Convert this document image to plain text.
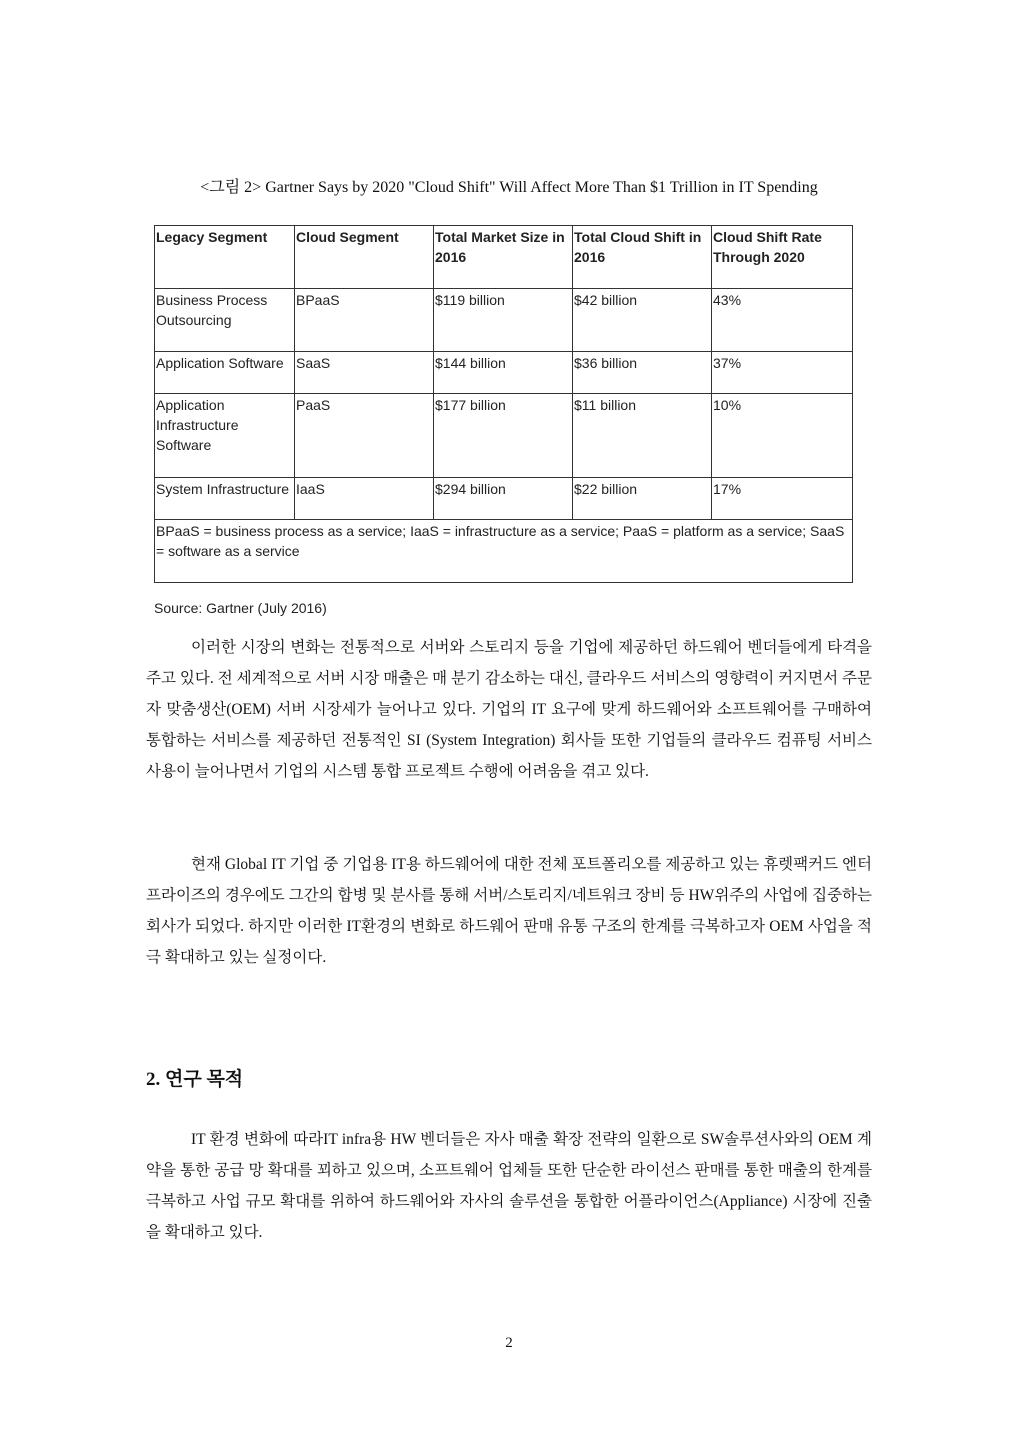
<그림 2> Gartner Says by 2020 "Cloud Shift" Will Affect More Than $1 Trillion in IT Spending
Legacy Segment	Cloud Segment	Total Market Size in 2016	Total Cloud Shift in 2016	Cloud Shift Rate Through 2020
Business Process Outsourcing	BPaaS	$119 billion	$42 billion	43%
Application Software	SaaS	$144 billion	$36 billion	37%
Application Infrastructure Software	PaaS	$177 billion	$11 billion	10%
System Infrastructure	IaaS	$294 billion	$22 billion	17%
BPaaS = business process as a service; IaaS = infrastructure as a service; PaaS = platform as a service; SaaS = software as a service				
Source: Gartner (July 2016)

이러한 시장의 변화는 전통적으로 서버와 스토리지 등을 기업에 제공하던 하드웨어 벤더들에게 타격을 주고 있다. 전 세계적으로 서버 시장 매출은 매 분기 감소하는 대신, 클라우드 서비스의 영향력이 커지면서 주문자 맞춤생산(OEM) 서버 시장세가 늘어나고 있다. 기업의 IT 요구에 맞게 하드웨어와 소프트웨어를 구매하여 통합하는 서비스를 제공하던 전통적인 SI (System Integration) 회사들 또한 기업들의 클라우드 컴퓨팅 서비스 사용이 늘어나면서 기업의 시스템 통합 프로젝트 수행에 어려움을 겪고 있다.

현재 Global IT 기업 중 기업용 IT용 하드웨어에 대한 전체 포트폴리오를 제공하고 있는 휴렛팩커드 엔터프라이즈의 경우에도 그간의 합병 및 분사를 통해 서버/스토리지/네트워크 장비 등 HW위주의 사업에 집중하는 회사가 되었다. 하지만 이러한 IT환경의 변화로 하드웨어 판매 유통 구조의 한계를 극복하고자 OEM 사업을 적극 확대하고 있는 실정이다.

2. 연구 목적

IT 환경 변화에 따라IT infra용 HW 벤더들은 자사 매출 확장 전략의 일환으로 SW솔루션사와의 OEM 계약을 통한 공급 망 확대를 꾀하고 있으며, 소프트웨어 업체들 또한 단순한 라이선스 판매를 통한 매출의 한계를 극복하고 사업 규모 확대를 위하여 하드웨어와 자사의 솔루션을 통합한 어플라이언스(Appliance) 시장에 진출을 확대하고 있다.

2
